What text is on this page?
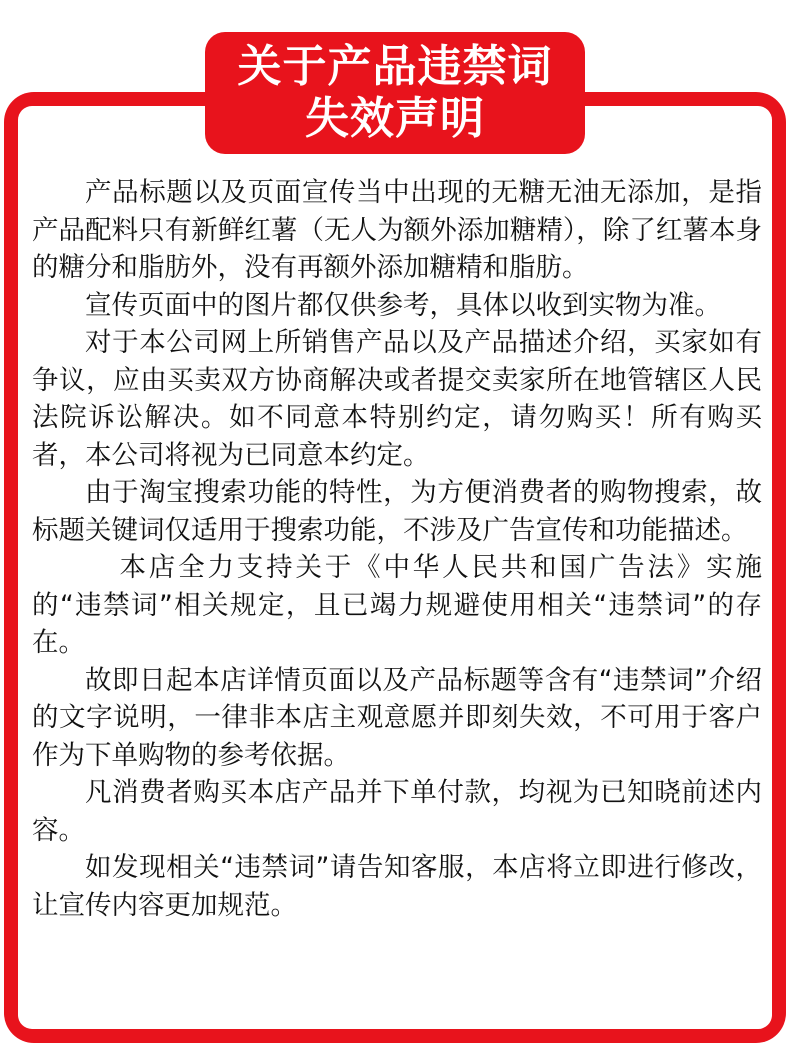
关于产品违禁词
失效声明

产品标题以及页面宣传当中出现的无糖无油无添加，是指产品配料只有新鲜红薯（无人为额外添加糖精），除了红薯本身的糖分和脂肪外，没有再额外添加糖精和脂肪。

宣传页面中的图片都仅供参考，具体以收到实物为准。

对于本公司网上所销售产品以及产品描述介绍，买家如有争议，应由买卖双方协商解决或者提交卖家所在地管辖区人民法院诉讼解决。如不同意本特别约定，请勿购买！所有购买者，本公司将视为已同意本约定。

由于淘宝搜索功能的特性，为方便消费者的购物搜索，故标题关键词仅适用于搜索功能，不涉及广告宣传和功能描述。

本店全力支持关于《中华人民共和国广告法》实施的“违禁词”相关规定，且已竭力规避使用相关“违禁词”的存在。

故即日起本店详情页面以及产品标题等含有“违禁词”介绍的文字说明，一律非本店主观意愿并即刻失效，不可用于客户作为下单购物的参考依据。

凡消费者购买本店产品并下单付款，均视为已知晓前述内容。

如发现相关“违禁词”请告知客服，本店将立即进行修改，让宣传内容更加规范。
